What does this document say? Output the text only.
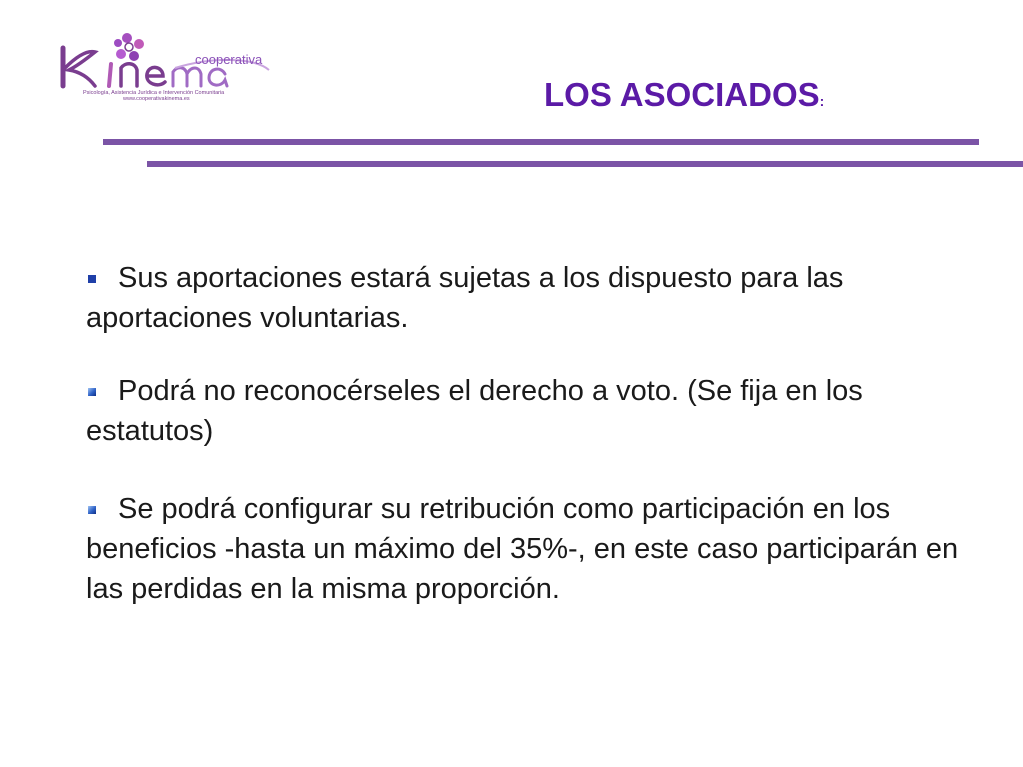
cooperativa
Psicología, Asistencia Jurídica e Intervención Comunitaria
www.cooperativakinema.es	LOS ASOCIADOS:

Sus aportaciones estará sujetas a los dispuesto para las aportaciones voluntarias.

Podrá no reconocérseles el derecho a voto. (Se fija en los estatutos)

Se podrá configurar su retribución como participación en los beneficios -hasta un máximo del 35%-, en este caso participarán en las perdidas en la misma proporción.
